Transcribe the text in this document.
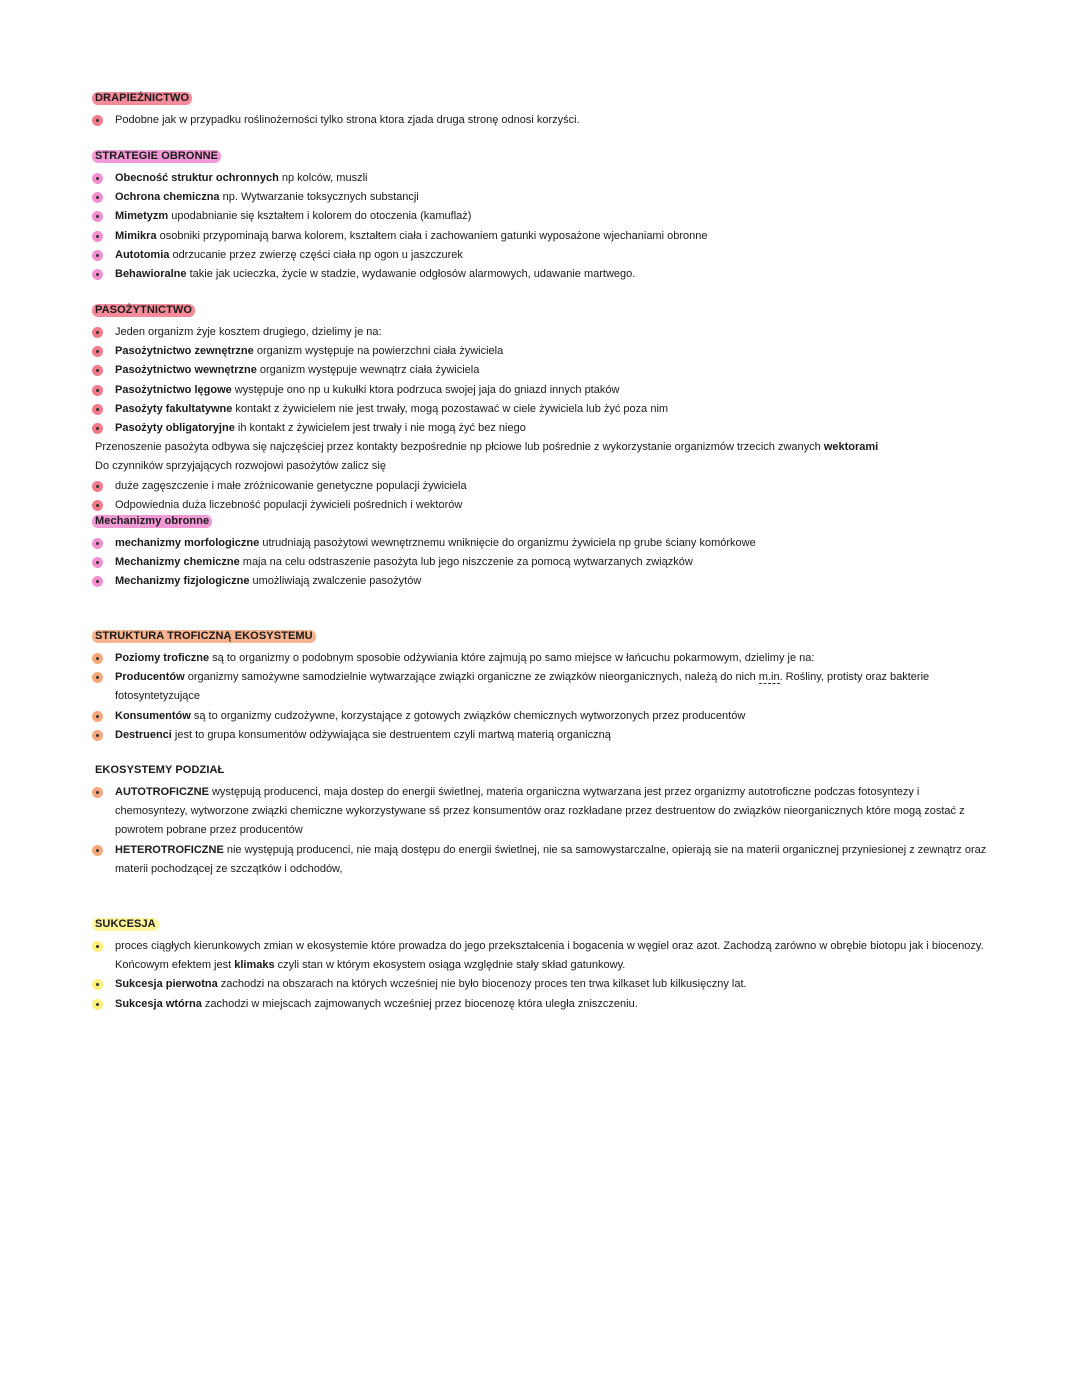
DRAPIEŻNICTWO
Podobne jak w przypadku roślinożerności tylko strona ktora zjada druga stronę odnosi korzyści.
STRATEGIE OBRONNE
Obecność struktur ochronnych np kolców, muszli
Ochrona chemiczna np. Wytwarzanie toksycznych substancji
Mimetyzm upodabnianie się kształtem i kolorem do otoczenia (kamuflaż)
Mimikra osobniki przypominają barwa kolorem, kształtem ciała i zachowaniem gatunki wyposażone wjechaniami obronne
Autotomia odrzucanie przez zwierzę części ciała np ogon u jaszczurek
Behawioralne takie jak ucieczka, życie w stadzie, wydawanie odgłosów alarmowych, udawanie martwego.
PASOŻYTNICTWO
Jeden organizm żyje kosztem drugiego, dzielimy je na:
Pasożytnictwo zewnętrzne organizm występuje na powierzchni ciała żywiciela
Pasożytnictwo wewnętrzne organizm występuje wewnątrz ciała żywiciela
Pasożytnictwo lęgowe występuje ono np u kukułki ktora podrzuca swojej jaja do gniazd innych ptaków
Pasożyty fakultatywne kontakt z żywicielem nie jest trwały, mogą pozostawać w ciele żywiciela lub żyć poza nim
Pasożyty obligatoryjne ih kontakt z żywicielem jest trwały i nie mogą żyć bez niego
Przenoszenie pasożyta odbywa się najczęściej przez kontakty bezpośrednie np płciowe lub pośrednie z wykorzystanie organizmów trzecich zwanych wektorami
Do czynników sprzyjających rozwojowi pasożytów zalicz się
duże zagęszczenie i małe zróżnicowanie genetyczne populacji żywiciela
Odpowiednia duża liczebność populacji żywicieli pośrednich i wektorów
Mechanizmy obronne
mechanizmy morfologiczne utrudniają pasożytowi wewnętrznemu wniknięcie do organizmu żywiciela np grube ściany komórkowe
Mechanizmy chemiczne maja na celu odstraszenie pasożyta lub jego niszczenie za pomocą wytwarzanych związków
Mechanizmy fizjologiczne umożliwiają zwalczenie pasożytów
STRUKTURA TROFICZNĄ EKOSYSTEMU
Poziomy troficzne są to organizmy o podobnym sposobie odżywiania które zajmują po samo miejsce w łańcuchu pokarmowym, dzielimy je na:
Producentów organizmy samożywne samodzielnie wytwarzające związki organiczne ze związków nieorganicznych, należą do nich m.in. Rośliny, protisty oraz bakterie fotosyntetyzujące
Konsumentów są to organizmy cudzożywne, korzystające z gotowych związków chemicznych wytworzonych przez producentów
Destruenci jest to grupa konsumentów odżywiająca sie destruentem czyli martwą materią organiczną
EKOSYSTEMY PODZIAŁ
AUTOTROFICZNE występują producenci, maja dostep do energii świetlnej, materia organiczna wytwarzana jest przez organizmy autotroficzne podczas fotosyntezy i chemosyntezy, wytworzone związki chemiczne wykorzystywane sś przez konsumentów oraz rozkładane przez destruentow do związków nieorganicznych które mogą zostać z powrotem pobrane przez producentów
HETEROTROFICZNE nie występują producenci, nie mają dostępu do energii świetlnej, nie sa samowystarczalne, opierają sie na materii organicznej przyniesionej z zewnątrz oraz materii pochodzącej ze szczątków i odchodów,
SUKCESJA
proces ciągłych kierunkowych zmian w ekosystemie które prowadza do jego przekształcenia i bogacenia w węgiel oraz azot. Zachodzą zarówno w obrębie biotopu jak i biocenozy. Końcowym efektem jest klimaks czyli stan w którym ekosystem osiąga względnie stały skład gatunkowy.
Sukcesja pierwotna zachodzi na obszarach na których wcześniej nie było biocenozy proces ten trwa kilkaset lub kilkusięczny lat.
Sukcesja wtórna zachodzi w miejscach zajmowanych wcześniej przez biocenozę która uległa zniszczeniu.
